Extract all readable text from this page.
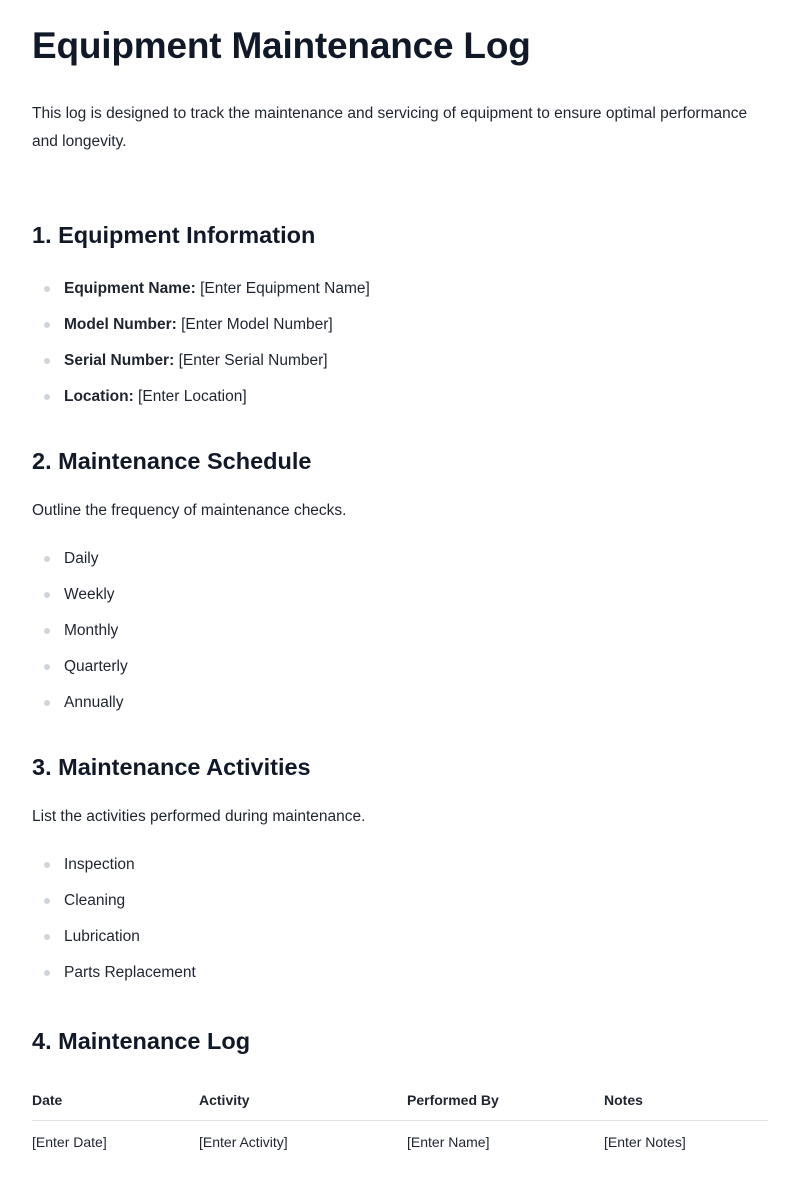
Equipment Maintenance Log

This log is designed to track the maintenance and servicing of equipment to ensure optimal performance and longevity.

1. Equipment Information
Equipment Name: [Enter Equipment Name]
Model Number: [Enter Model Number]
Serial Number: [Enter Serial Number]
Location: [Enter Location]
2. Maintenance Schedule

Outline the frequency of maintenance checks.

Daily
Weekly
Monthly
Quarterly
Annually
3. Maintenance Activities

List the activities performed during maintenance.

Inspection
Cleaning
Lubrication
Parts Replacement
4. Maintenance Log
Date	Activity	Performed By	Notes
[Enter Date]	[Enter Activity]	[Enter Name]	[Enter Notes]
